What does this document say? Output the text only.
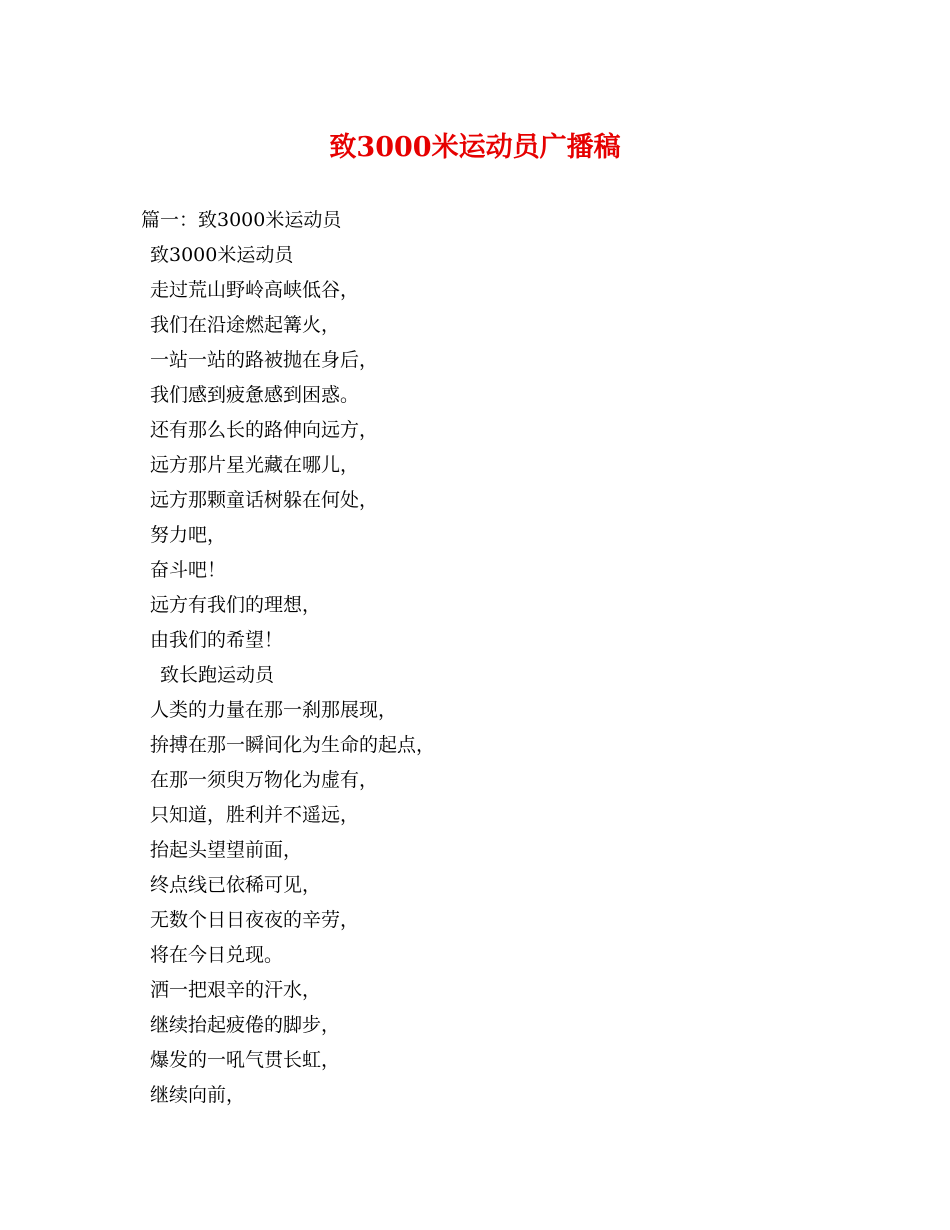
致3000米运动员广播稿
篇一：致3000米运动员
致3000米运动员
走过荒山野岭高峡低谷，
我们在沿途燃起篝火，
一站一站的路被抛在身后，
我们感到疲惫感到困惑。
还有那么长的路伸向远方，
远方那片星光藏在哪儿，
远方那颗童话树躲在何处，
努力吧，
奋斗吧！
远方有我们的理想，
由我们的希望！
致长跑运动员
人类的力量在那一刹那展现，
拚搏在那一瞬间化为生命的起点，
在那一须臾万物化为虚有，
只知道，胜利并不遥远，
抬起头望望前面，
终点线已依稀可见，
无数个日日夜夜的辛劳，
将在今日兑现。
洒一把艰辛的汗水，
继续抬起疲倦的脚步，
爆发的一吼气贯长虹，
继续向前，
